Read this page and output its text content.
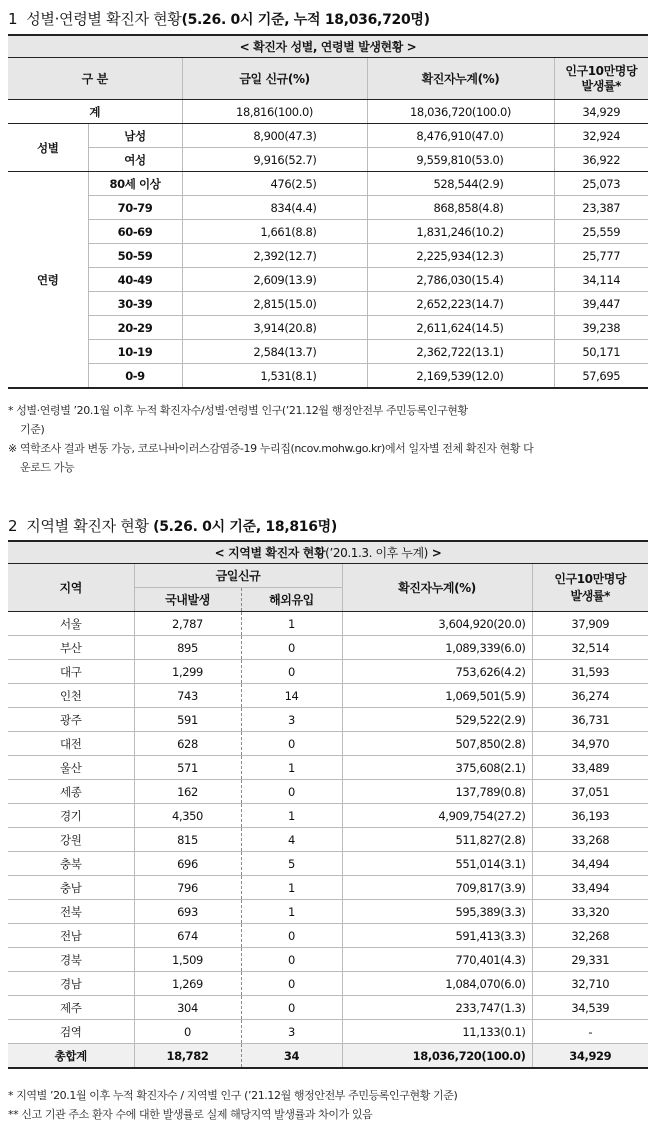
1 성별·연령별 확진자 현황(5.26. 0시 기준, 누적 18,036,720명)
< 확진자 성별, 연령별 발생현황 >				
구 분		금일 신규(%)	확진자누계(%)	인구10만명당
발생률*
계		18,816(100.0)	18,036,720(100.0)	34,929
성별	남성	8,900(47.3)	8,476,910(47.0)	32,924
	여성	9,916(52.7)	9,559,810(53.0)	36,922
연령	80세 이상	476(2.5)	528,544(2.9)	25,073
	70-79	834(4.4)	868,858(4.8)	23,387
	60-69	1,661(8.8)	1,831,246(10.2)	25,559
	50-59	2,392(12.7)	2,225,934(12.3)	25,777
	40-49	2,609(13.9)	2,786,030(15.4)	34,114
	30-39	2,815(15.0)	2,652,223(14.7)	39,447
	20-29	3,914(20.8)	2,611,624(14.5)	39,238
	10-19	2,584(13.7)	2,362,722(13.1)	50,171
	0-9	1,531(8.1)	2,169,539(12.0)	57,695
* 성별·연령별 ’20.1월 이후 누적 확진자수/성별·연령별 인구(’21.12월 행정안전부 주민등록인구현황
기준)
※ 역학조사 결과 변동 가능, 코로나바이러스감염증-19 누리집(ncov.mohw.go.kr)에서 일자별 전체 확진자 현황 다
운로드 가능
2 지역별 확진자 현황 (5.26. 0시 기준, 18,816명)
< 지역별 확진자 현황(’20.1.3. 이후 누계) >				
지역	금일신규		확진자누계(%)	인구10만명당
발생률*
	국내발생	해외유입		
서울	2,787	1	3,604,920(20.0)	37,909
부산	895	0	1,089,339(6.0)	32,514
대구	1,299	0	753,626(4.2)	31,593
인천	743	14	1,069,501(5.9)	36,274
광주	591	3	529,522(2.9)	36,731
대전	628	0	507,850(2.8)	34,970
울산	571	1	375,608(2.1)	33,489
세종	162	0	137,789(0.8)	37,051
경기	4,350	1	4,909,754(27.2)	36,193
강원	815	4	511,827(2.8)	33,268
충북	696	5	551,014(3.1)	34,494
충남	796	1	709,817(3.9)	33,494
전북	693	1	595,389(3.3)	33,320
전남	674	0	591,413(3.3)	32,268
경북	1,509	0	770,401(4.3)	29,331
경남	1,269	0	1,084,070(6.0)	32,710
제주	304	0	233,747(1.3)	34,539
검역	0	3	11,133(0.1)	-
총합계	18,782	34	18,036,720(100.0)	34,929
* 지역별 ’20.1월 이후 누적 확진자수 / 지역별 인구 (’21.12월 행정안전부 주민등록인구현황 기준)
** 신고 기관 주소 환자 수에 대한 발생률로 실제 해당지역 발생률과 차이가 있음
